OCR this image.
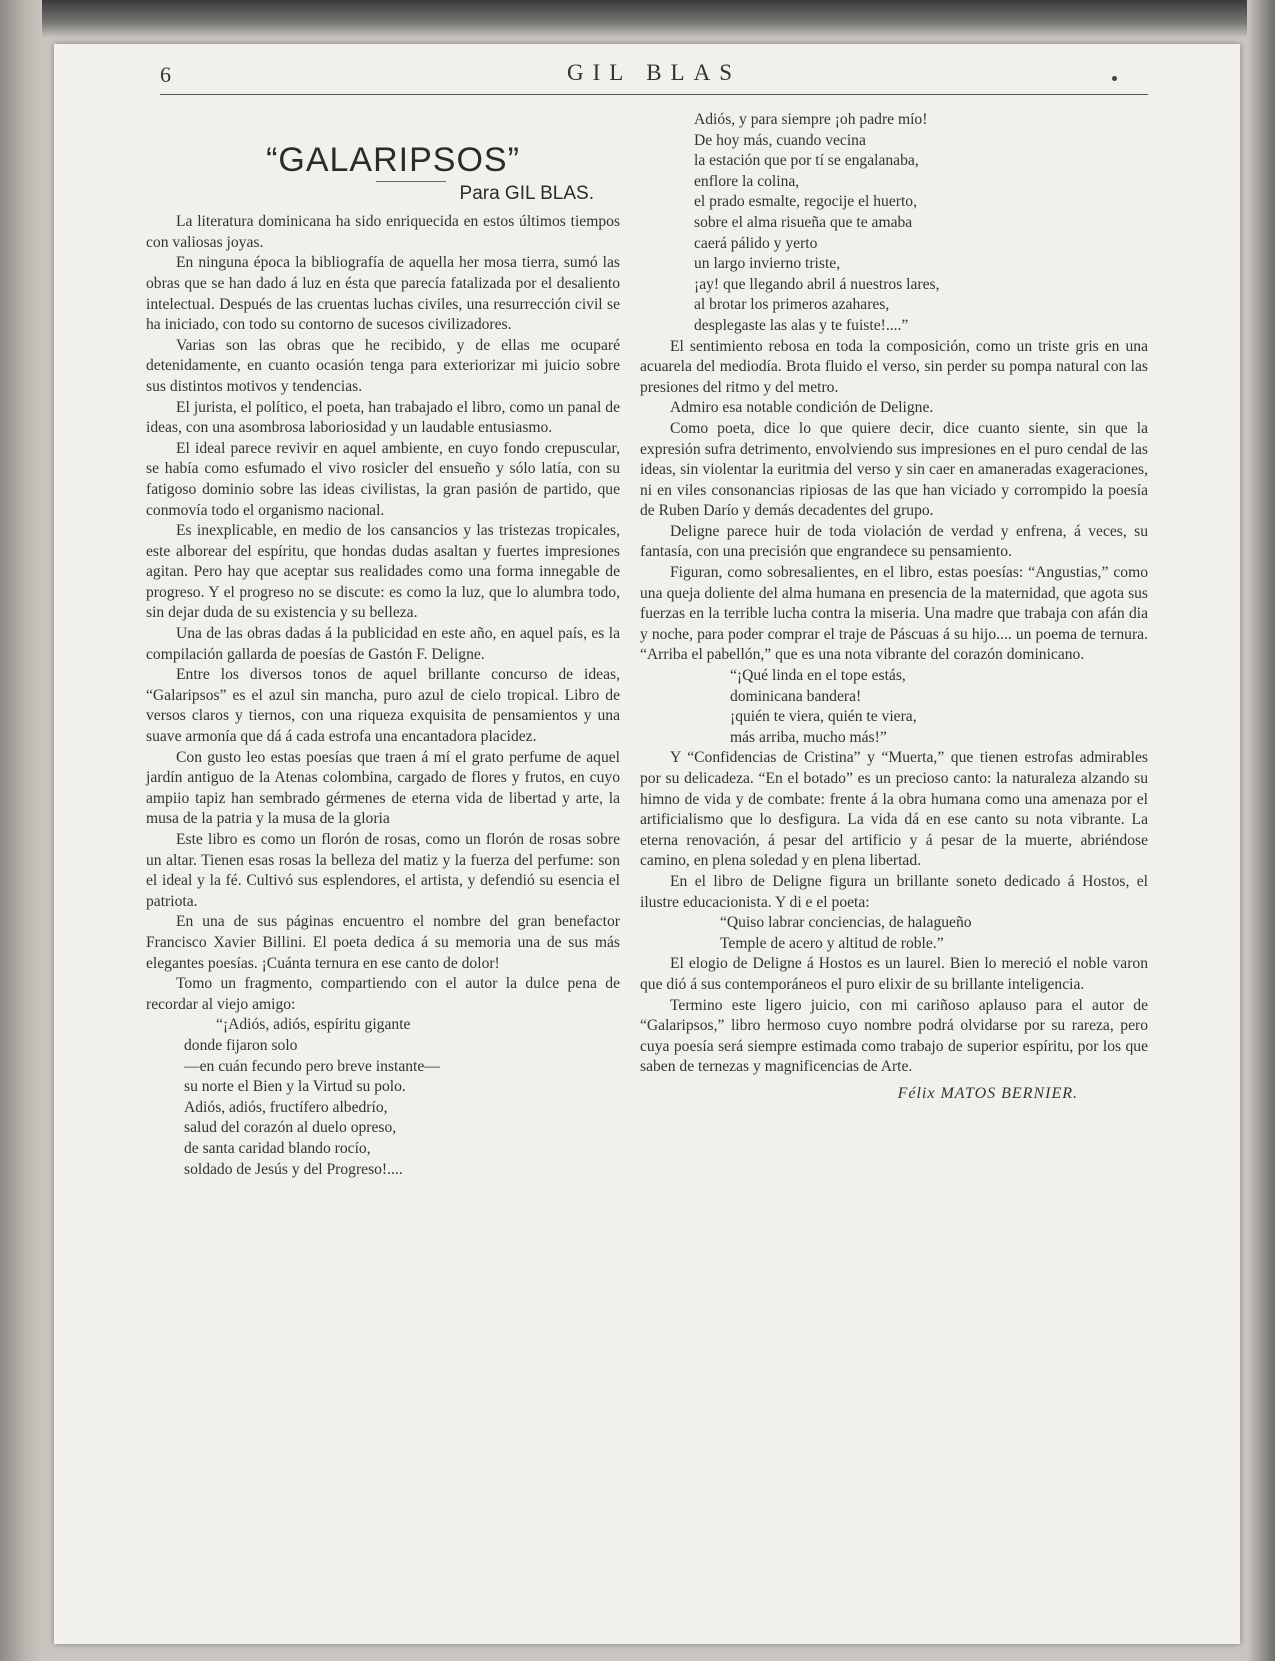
6	GIL BLAS
“GALARIPSOS”
Para GIL BLAS.

La literatura dominicana ha sido enriquecida en estos últimos tiempos con valiosas joyas.

En ninguna época la bibliografía de aquella her mosa tierra, sumó las obras que se han dado á luz en ésta que parecía fatalizada por el desaliento intelectual. Después de las cruentas luchas civiles, una resurrección civil se ha iniciado, con todo su contorno de sucesos civilizadores.

Varias son las obras que he recibido, y de ellas me ocuparé detenidamente, en cuanto ocasión tenga para exteriorizar mi juicio sobre sus distintos motivos y tendencias.

El jurista, el político, el poeta, han trabajado el libro, como un panal de ideas, con una asombrosa laboriosidad y un laudable entusiasmo.

El ideal parece revivir en aquel ambiente, en cuyo fondo crepuscular, se había como esfumado el vivo rosicler del ensueño y sólo latía, con su fatigoso dominio sobre las ideas civilistas, la gran pasión de partido, que conmovía todo el organismo nacional.

Es inexplicable, en medio de los cansancios y las tristezas tropicales, este alborear del espíritu, que hondas dudas asaltan y fuertes impresiones agitan. Pero hay que aceptar sus realidades como una forma innegable de progreso. Y el progreso no se discute: es como la luz, que lo alumbra todo, sin dejar duda de su existencia y su belleza.

Una de las obras dadas á la publicidad en este año, en aquel país, es la compilación gallarda de poesías de Gastón F. Deligne.

Entre los diversos tonos de aquel brillante concurso de ideas, “Galaripsos” es el azul sin mancha, puro azul de cielo tropical. Libro de versos claros y tiernos, con una riqueza exquisita de pensamientos y una suave armonía que dá á cada estrofa una encantadora placidez.

Con gusto leo estas poesías que traen á mí el grato perfume de aquel jardín antiguo de la Atenas colombina, cargado de flores y frutos, en cuyo ampiio tapiz han sembrado gérmenes de eterna vida de libertad y arte, la musa de la patria y la musa de la gloria

Este libro es como un florón de rosas, como un florón de rosas sobre un altar. Tienen esas rosas la belleza del matiz y la fuerza del perfume: son el ideal y la fé. Cultivó sus esplendores, el artista, y defendió su esencia el patriota.

En una de sus páginas encuentro el nombre del gran benefactor Francisco Xavier Billini. El poeta dedica á su memoria una de sus más elegantes poesías. ¡Cuánta ternura en ese canto de dolor!

Tomo un fragmento, compartiendo con el autor la dulce pena de recordar al viejo amigo:

“¡Adiós, adiós, espíritu gigante
donde fijaron solo
—en cuán fecundo pero breve instante—
su norte el Bien y la Virtud su polo.
Adiós, adiós, fructífero albedrío,
salud del corazón al duelo opreso,
de santa caridad blando rocío,
soldado de Jesús y del Progreso!....
Adiós, y para siempre ¡oh padre mío!
De hoy más, cuando vecina
la estación que por tí se engalanaba,
enflore la colina,
el prado esmalte, regocije el huerto,
sobre el alma risueña que te amaba
caerá pálido y yerto
un largo invierno triste,
¡ay! que llegando abril á nuestros lares,
al brotar los primeros azahares,
desplegaste las alas y te fuiste!....”

El sentimiento rebosa en toda la composición, como un triste gris en una acuarela del mediodía. Brota fluido el verso, sin perder su pompa natural con las presiones del ritmo y del metro.

Admiro esa notable condición de Deligne.

Como poeta, dice lo que quiere decir, dice cuanto siente, sin que la expresión sufra detrimento, envolviendo sus impresiones en el puro cendal de las ideas, sin violentar la euritmia del verso y sin caer en amaneradas exageraciones, ni en viles consonancias ripiosas de las que han viciado y corrompido la poesía de Ruben Darío y demás decadentes del grupo.

Deligne parece huir de toda violación de verdad y enfrena, á veces, su fantasía, con una precisión que engrandece su pensamiento.

Figuran, como sobresalientes, en el libro, estas poesías: “Angustias,” como una queja doliente del alma humana en presencia de la maternidad, que agota sus fuerzas en la terrible lucha contra la miseria. Una madre que trabaja con afán dia y noche, para poder comprar el traje de Páscuas á su hijo.... un poema de ternura. “Arriba el pabellón,” que es una nota vibrante del corazón dominicano.

“¡Qué linda en el tope estás,
dominicana bandera!
¡quién te viera, quién te viera,
más arriba, mucho más!”

Y “Confidencias de Cristina” y “Muerta,” que tienen estrofas admirables por su delicadeza. “En el botado” es un precioso canto: la naturaleza alzando su himno de vida y de combate: frente á la obra humana como una amenaza por el artificialismo que lo desfigura. La vida dá en ese canto su nota vibrante. La eterna renovación, á pesar del artificio y á pesar de la muerte, abriéndose camino, en plena soledad y en plena libertad.

En el libro de Deligne figura un brillante soneto dedicado á Hostos, el ilustre educacionista. Y di e el poeta:

“Quiso labrar conciencias, de halagueño
Temple de acero y altitud de roble.”

El elogio de Deligne á Hostos es un laurel. Bien lo mereció el noble varon que dió á sus contemporáneos el puro elixir de su brillante inteligencia.

Termino este ligero juicio, con mi cariñoso aplauso para el autor de “Galaripsos,” libro hermoso cuyo nombre podrá olvidarse por su rareza, pero cuya poesía será siempre estimada como trabajo de superior espíritu, por los que saben de ternezas y magnificencias de Arte.

Félix MATOS BERNIER.
